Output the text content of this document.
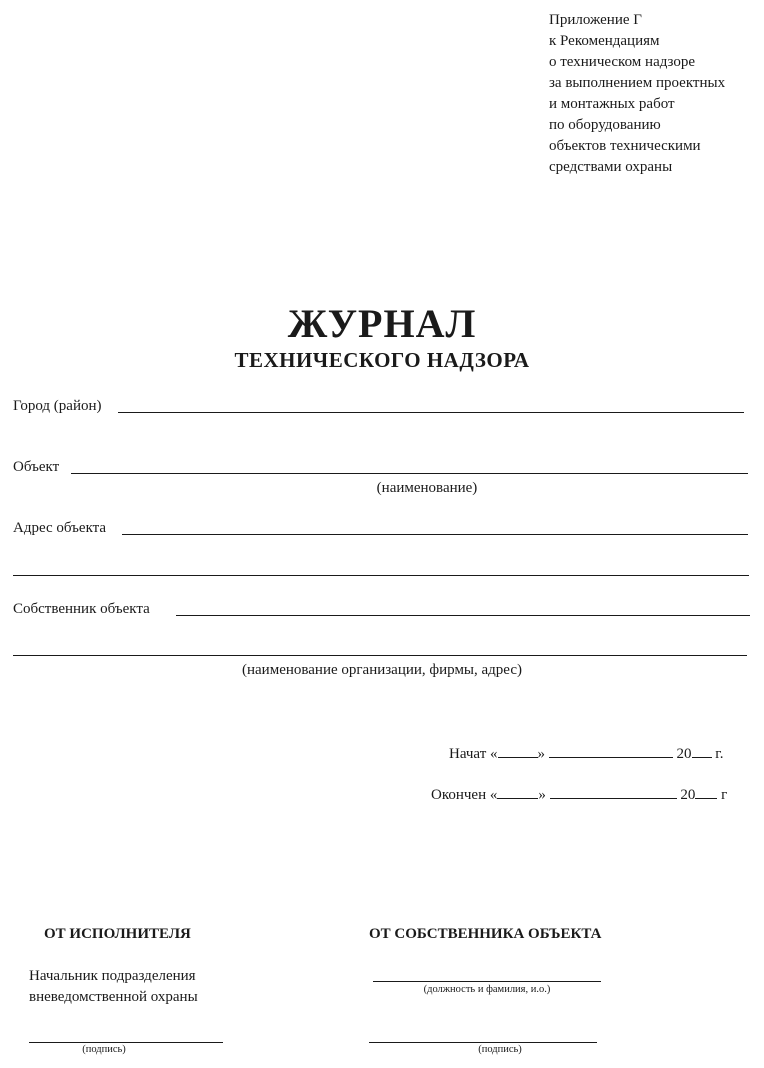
Приложение Г
к Рекомендациям
о техническом надзоре
за выполнением проектных
и монтажных работ
по оборудованию
объектов техническими
средствами охраны
ЖУРНАЛ
ТЕХНИЧЕСКОГО НАДЗОРА
Город (район)
Объект
(наименование)
Адрес объекта
Собственник объекта
(наименование организации, фирмы, адрес)
Начат «	»	20 г.
Окончен «	»	20 г
ОТ ИСПОЛНИТЕЛЯ	ОТ СОБСТВЕННИКА ОБЪЕКТА
Начальник подразделения
вневедомственной охраны	(должность и фамилия, и.о.)
(подпись)	(подпись)
